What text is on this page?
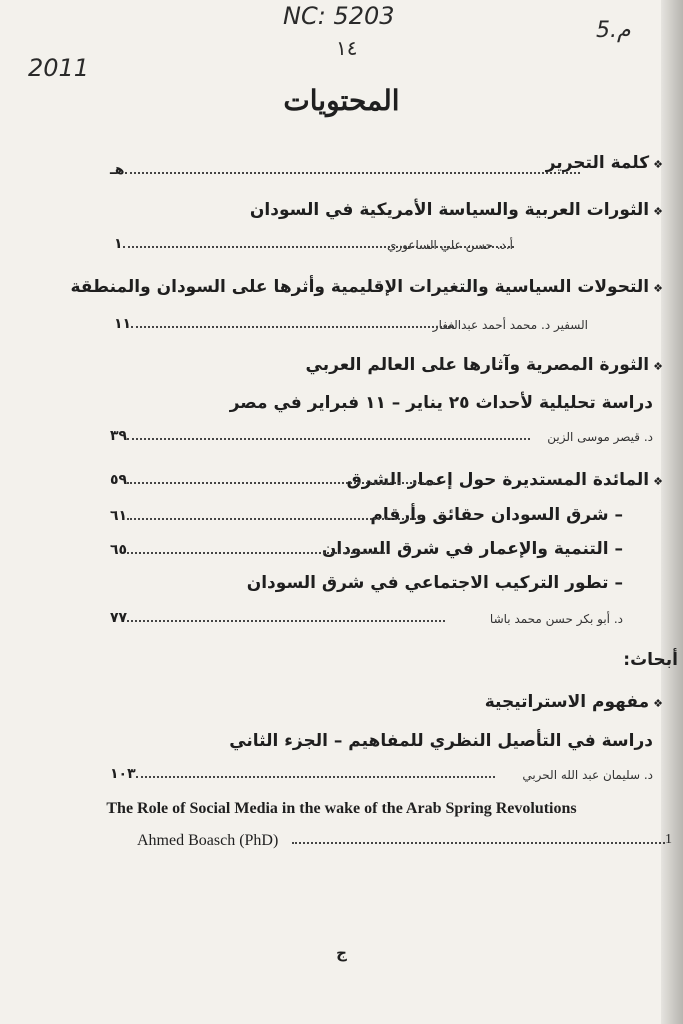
NC: 5203
١٤
2011
5.م
المحتويات
❖كلمة التحرير
هـ
❖الثورات العربية والسياسة الأمريكية في السودان
أ.د. حسن علي الساعوري
١
❖التحولات السياسية والتغيرات الإقليمية وأثرها على السودان والمنطقة
السفير د. محمد أحمد عبدالغفار
١١
❖الثورة المصرية وآثارها على العالم العربي
دراسة تحليلية لأحداث ٢٥ يناير – ١١ فبراير في مصر
د. قيصر موسى الزين
٣٩
❖المائدة المستديرة حول إعمار الشرق
٥٩
– شرق السودان حقائق وأرقام
٦١
– التنمية والإعمار في شرق السودان
٦٥
– تطور التركيب الاجتماعي في شرق السودان
د. أبو بكر حسن محمد باشا
٧٧
أبحاث:
❖مفهوم الاستراتيجية
دراسة في التأصيل النظري للمفاهيم – الجزء الثاني
د. سليمان عبد الله الحربي
١٠٣
The Role of Social Media in the wake of the Arab Spring Revolutions
Ahmed Boasch (PhD)	1
ج
